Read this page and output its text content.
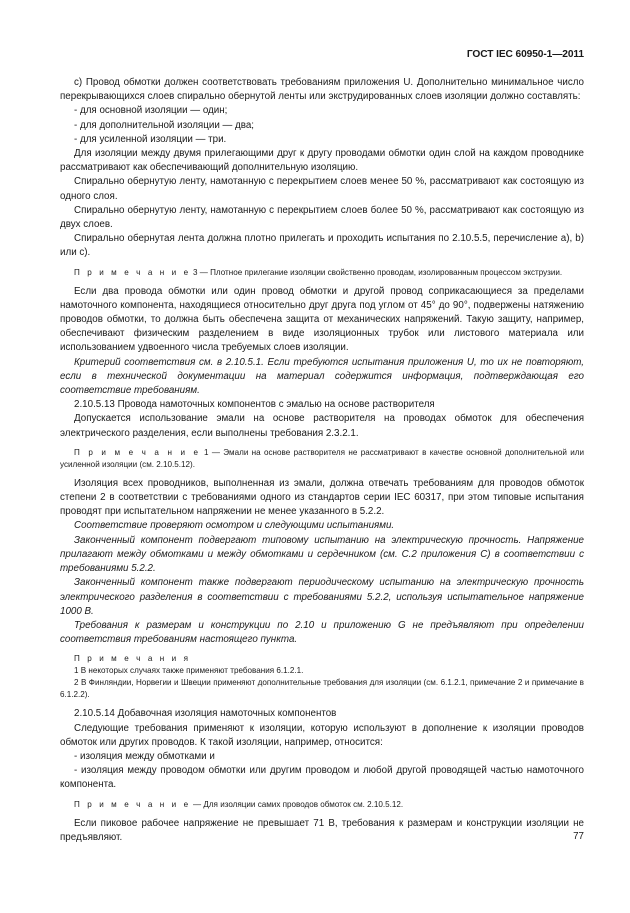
ГОСТ IEC 60950-1—2011

c) Провод обмотки должен соответствовать требованиям приложения U. Дополнительно минимальное число перекрывающихся слоев спирально обернутой ленты или экструдированных слоев изоляции должно составлять:

- для основной изоляции — один;

- для дополнительной изоляции — два;

- для усиленной изоляции — три.

Для изоляции между двумя прилегающими друг к другу проводами обмотки один слой на каждом проводнике рассматривают как обеспечивающий дополнительную изоляцию.

Спирально обернутую ленту, намотанную с перекрытием слоев менее 50 %, рассматривают как состоящую из одного слоя.

Спирально обернутую ленту, намотанную с перекрытием слоев более 50 %, рассматривают как состоящую из двух слоев.

Спирально обернутая лента должна плотно прилегать и проходить испытания по 2.10.5.5, перечисление a), b) или c).

П р и м е ч а н и е 3 — Плотное прилегание изоляции свойственно проводам, изолированным процессом экструзии.

Если два провода обмотки или один провод обмотки и другой провод соприкасающиеся за пределами намоточного компонента, находящиеся относительно друг друга под углом от 45° до 90°, подвержены натяжению проводов обмотки, то должна быть обеспечена защита от механических напряжений. Такую защиту, например, обеспечивают физическим разделением в виде изоляционных трубок или листового материала или использованием удвоенного числа требуемых слоев изоляции.

Критерий соответствия см. в 2.10.5.1. Если требуются испытания приложения U, то их не повторяют, если в технической документации на материал содержится информация, подтверждающая его соответствие требованиям.

2.10.5.13 Провода намоточных компонентов с эмалью на основе растворителя

Допускается использование эмали на основе растворителя на проводах обмоток для обеспечения электрического разделения, если выполнены требования 2.3.2.1.

П р и м е ч а н и е 1 — Эмали на основе растворителя не рассматривают в качестве основной дополнительной или усиленной изоляции (см. 2.10.5.12).

Изоляция всех проводников, выполненная из эмали, должна отвечать требованиям для проводов обмоток степени 2 в соответствии с требованиями одного из стандартов серии IEC 60317, при этом типовые испытания проводят при испытательном напряжении не менее указанного в 5.2.2.

Соответствие проверяют осмотром и следующими испытаниями.

Законченный компонент подвергают типовому испытанию на электрическую прочность. Напряжение прилагают между обмотками и между обмотками и сердечником (см. С.2 приложения С) в соответствии с требованиями 5.2.2.

Законченный компонент также подвергают периодическому испытанию на электрическую прочность электрического разделения в соответствии с требованиями 5.2.2, используя испытательное напряжение 1000 В.

Требования к размерам и конструкции по 2.10 и приложению G не предъявляют при определении соответствия требованиям настоящего пункта.

П р и м е ч а н и я

1 В некоторых случаях также применяют требования 6.1.2.1.

2 В Финляндии, Норвегии и Швеции применяют дополнительные требования для изоляции (см. 6.1.2.1, примечание 2 и примечание в 6.1.2.2).

2.10.5.14 Добавочная изоляция намоточных компонентов

Следующие требования применяют к изоляции, которую используют в дополнение к изоляции проводов обмоток или других проводов. К такой изоляции, например, относится:

- изоляция между обмотками и

- изоляция между проводом обмотки или другим проводом и любой другой проводящей частью намоточного компонента.

П р и м е ч а н и е — Для изоляции самих проводов обмоток см. 2.10.5.12.

Если пиковое рабочее напряжение не превышает 71 В, требования к размерам и конструкции изоляции не предъявляют.	77
